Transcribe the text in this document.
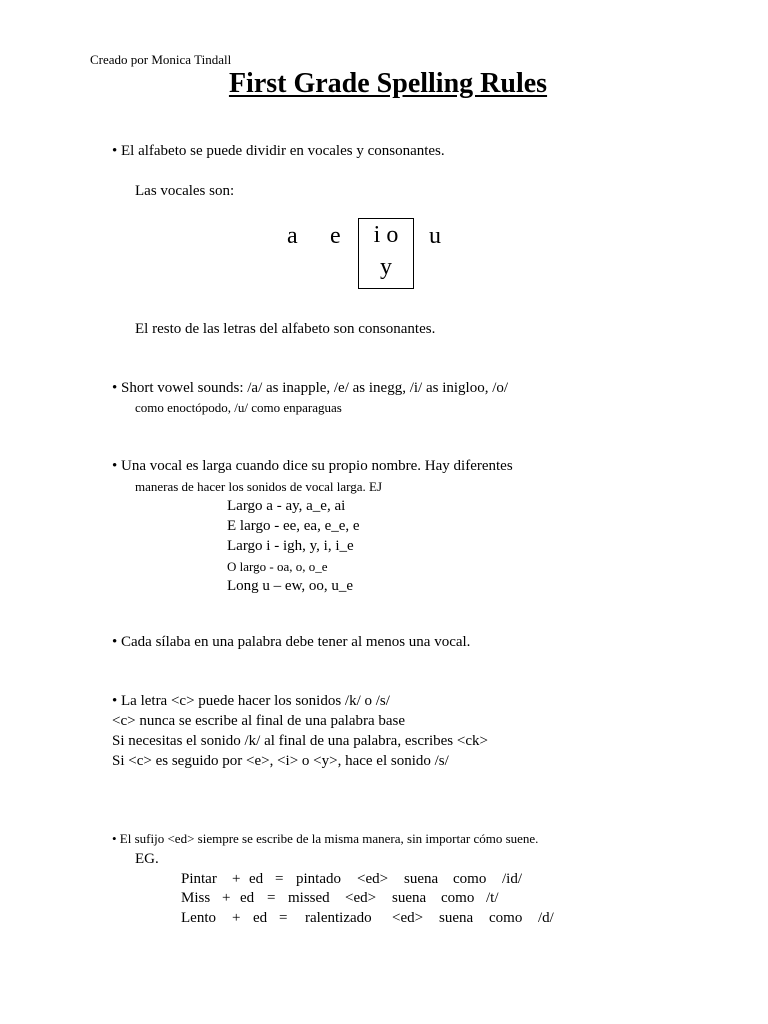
Creado por Monica Tindall
First Grade Spelling Rules
• El alfabeto se puede dividir en vocales y consonantes.
Las vocales son:
a e	i o
y
u
El resto de las letras del alfabeto son consonantes.
• Short vowel sounds: /a/ as inapple, /e/ as inegg, /i/ as inigloo, /o/
como enoctópodo, /u/ como enparaguas
• Una vocal es larga cuando dice su propio nombre. Hay diferentes
maneras de hacer los sonidos de vocal larga. EJ
Largo a - ay, a_e, ai
E largo - ee, ea, e_e, e
Largo i - igh, y, i, i_e
O largo - oa, o, o_e
Long u – ew, oo, u_e
• Cada sílaba en una palabra debe tener al menos una vocal.
• La letra <c> puede hacer los sonidos /k/ o /s/
<c> nunca se escribe al final de una palabra base
Si necesitas el sonido /k/ al final de una palabra, escribes <ck>
Si <c> es seguido por <e>, <i> o <y>, hace el sonido /s/
• El sufijo <ed> siempre se escribe de la misma manera, sin importar cómo suene.
EG.
Pintar + ed = pintado <ed> suena como /id/
Miss + ed = missed <ed> suena como /t/
Lento + ed = ralentizado <ed> suena como /d/
